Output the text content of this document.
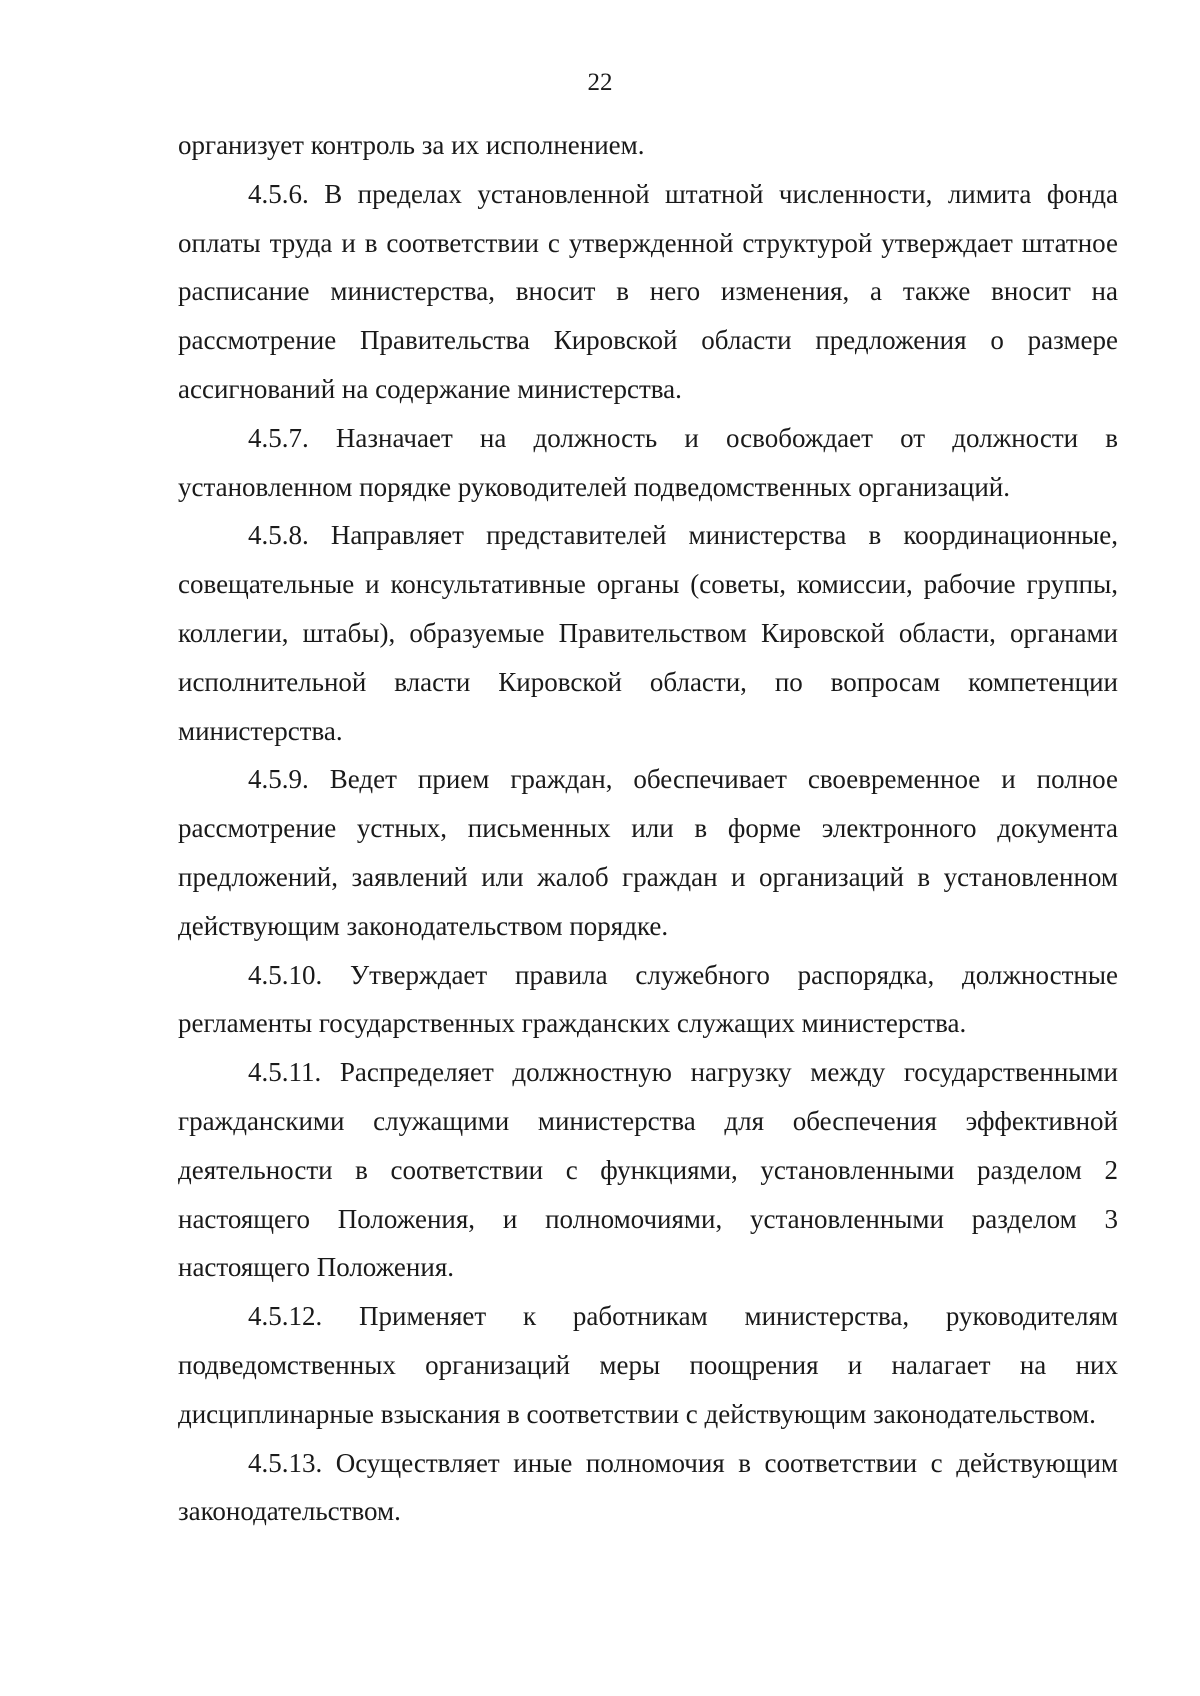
22

организует контроль за их исполнением.

4.5.6. В пределах установленной штатной численности, лимита фонда оплаты труда и в соответствии с утвержденной структурой утверждает штатное расписание министерства, вносит в него изменения, а также вносит на рассмотрение Правительства Кировской области предложения о размере ассигнований на содержание министерства.

4.5.7. Назначает на должность и освобождает от должности в установленном порядке руководителей подведомственных организаций.

4.5.8. Направляет представителей министерства в координационные, совещательные и консультативные органы (советы, комиссии, рабочие группы, коллегии, штабы), образуемые Правительством Кировской области, органами исполнительной власти Кировской области, по вопросам компетенции министерства.

4.5.9. Ведет прием граждан, обеспечивает своевременное и полное рассмотрение устных, письменных или в форме электронного документа предложений, заявлений или жалоб граждан и организаций в установленном действующим законодательством порядке.

4.5.10. Утверждает правила служебного распорядка, должностные регламенты государственных гражданских служащих министерства.

4.5.11. Распределяет должностную нагрузку между государственными гражданскими служащими министерства для обеспечения эффективной деятельности в соответствии с функциями, установленными разделом 2 настоящего Положения, и полномочиями, установленными разделом 3 настоящего Положения.

4.5.12. Применяет к работникам министерства, руководителям подведомственных организаций меры поощрения и налагает на них дисциплинарные взыскания в соответствии с действующим законодательством.

4.5.13. Осуществляет иные полномочия в соответствии с действующим законодательством.
